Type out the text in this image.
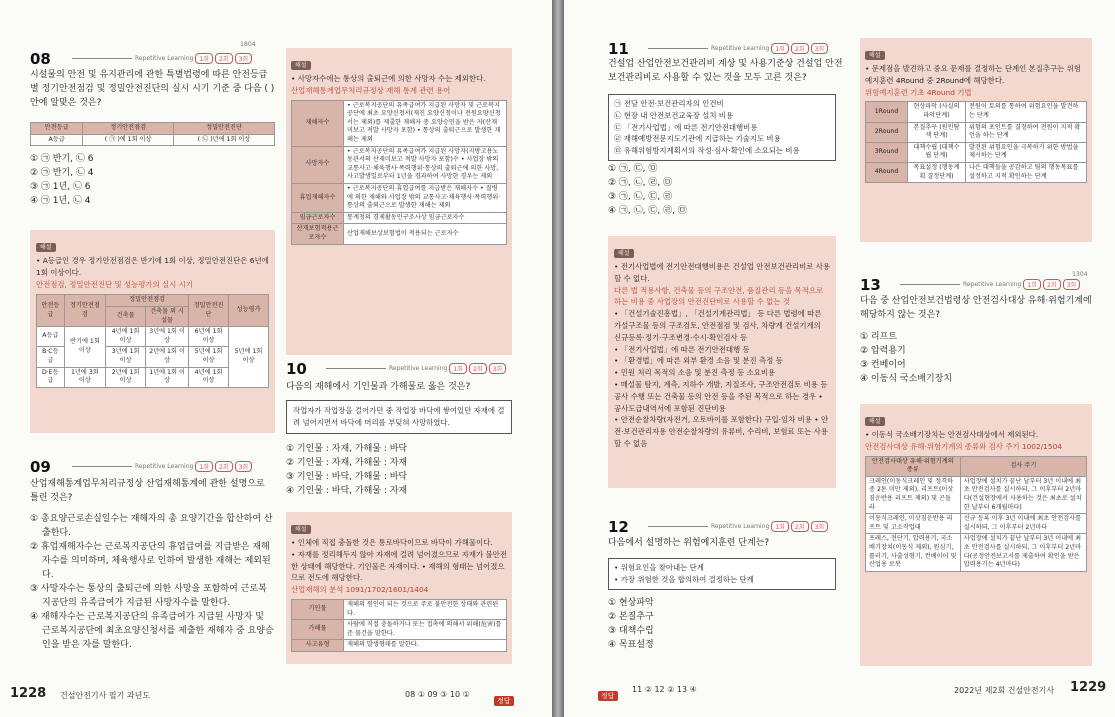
08	Repetitive Learning	1회	2회	3회
1804
시설물의 안전 및 유지관리에 관한 특별법령에 따른 안전등급별 정기안전점검 및 정밀안전진단의 실시 시기 기준 중 다음 ( ) 안에 알맞은 것은?
안전등급	정기안전점검	정밀안전진단
A등급	( ㉠ )에 1회 이상	( ㉡ )년에 1회 이상
① ㉠ 반기, ㉡ 6
② ㉠ 반기, ㉡ 4
③ ㉠ 1년, ㉡ 6
④ ㉠ 1년, ㉡ 4
해설
• A등급인 경우 정기안전점검은 반기에 1회 이상, 정밀안전진단은 6년에 1회 이상이다.
안전점검, 정밀안전진단 및 성능평가의 실시 시기
안전등급	정기안전점검	정밀안전점검		정밀안전진단	성능평가
		건축물	건축물 외 시설물		
A등급	반기에 1회 이상	4년에 1회 이상	3년에 1회 이상	6년에 1회 이상	5년에 1회 이상
B·C등급		3년에 1회 이상	2년에 1회 이상	5년에 1회 이상	
D·E등급	1년에 3회 이상	2년에 1회 이상	1년에 1회 이상	4년에 1회 이상	
09	Repetitive Learning	1회	2회	3회
산업재해통계업무처리규정상 산업재해통계에 관한 설명으로 틀린 것은?
① 총요양근로손실일수는 재해자의 총 요양기간을 합산하여 산출한다.
② 휴업재해자수는 근로복지공단의 휴업급여를 지급받은 재해자수를 의미하며, 체육행사로 인하여 발생한 재해는 제외된다.
③ 사망자수는 통상의 출퇴근에 의한 사망을 포함하여 근로복지공단의 유족급여가 지급된 사망자수를 말한다.
④ 재해자수는 근로복지공단의 유족급여가 지급된 사망자 및 근로복지공단에 최초요양신청서를 제출한 재해자 중 요양승인을 받은 자를 말한다.
해설
• 사망자수에는 통상의 출퇴근에 의한 사망자 수는 제외한다.
산업재해통계업무처리규정상 재해 통계 관련 용어
재해자수	• 근로복지공단의 유족급여가 지급된 사망자 및 근로복지공단에 최초 요양신청서(재진 요양신청이나 전원요양신청서는 제외)를 제출한 재해자 중 요양승인을 받은 자(산재미보고 적발 사망자 포함) • 통상의 출퇴근으로 발생한 재해는 제외
사망자수	• 근로복지공단의 유족급여가 지급된 사망자(지방고용노동관서의 산재미보고 적발 사망자 포함)수 • 사업장 밖의 교통사고·체육행사·폭력행위·통상의 출퇴근에 의한 사망, 사고발생일로부터 1년을 경과하여 사망한 경우는 제외
휴업재해자수	• 근로복지공단의 휴업급여를 지급받은 재해자수 • 질병에 의한 재해와 사업장 밖의 교통사고·체육행사·폭력행위·통상의 출퇴근으로 발생한 재해는 제외
임금근로자수	통계청의 경제활동인구조사상 임금근로자수
산재보험적용근로자수	산업재해보상보험법이 적용되는 근로자수
10	Repetitive Learning	1회	2회	3회
다음의 재해에서 기인물과 가해물로 옳은 것은?
작업자가 작업장을 걸어가던 중 작업장 바닥에 쌓여있던 자재에 걸려 넘어지면서 바닥에 머리를 부딪혀 사망하였다.
① 기인물 : 자재, 가해물 : 바닥
② 기인물 : 자재, 가해물 : 자재
③ 기인물 : 바닥, 가해물 : 바닥
④ 기인물 : 바닥, 가해물 : 자재
해설
• 인체에 직접 충돌한 것은 통로바닥이므로 바닥이 가해물이다.
• 자재를 정리해두지 않아 자재에 걸려 넘어졌으므로 자재가 불안전한 상태에 해당한다. 기인물은 자재이다. • 재해의 형태는 넘어졌으므로 전도에 해당한다.
산업재해의 분석 1091/1702/1601/1404
기인물	재해의 원인이 되는 것으로 주로 불안전한 상태와 관련된다.
가해물	사람에 직접 충돌하거나 또는 접촉에 의해서 위해(危害)를 준 물건을 말한다.
사고유형	재해의 발생형태를 말한다.
1228 건설안전기사 필기 과년도	08 ① 09 ③ 10 ①
정답
11	Repetitive Learning	1회	2회	3회
건설업 산업안전보건관리비 계상 및 사용기준상 건설업 안전보건관리비로 사용할 수 있는 것을 모두 고른 것은?
㉠ 전담 안전·보건관리자의 인건비
㉡ 현장 내 안전보건교육장 설치 비용
㉢ 「전기사업법」에 따른 전기안전대행비용
㉣ 재해예방전문지도기관에 지급하는 기술지도 비용
㉤ 유해위험방지계획서의 작성·심사·확인에 소요되는 비용
① ㉠, ㉢, ㉤
② ㉠, ㉡, ㉣, ㉤
③ ㉠, ㉡, ㉢, ㉣
④ ㉠, ㉡, ㉢, ㉣, ㉤
해설
• 전기사업법에 전기안전대행비용은 건설업 안전보건관리비로 사용할 수 없다.
다른 법 적용사항, 건축물 등의 구조안전, 품질관리 등을 목적으로 하는 비용 중 사업장의 안전진단비로 사용할 수 없는 것
• 「건설기술진흥법」, 「건설기계관리법」 등 다른 법령에 따른 가설구조물 등의 구조검토, 안전점검 및 검사, 차량계 건설기계의 신규등록·정기·구조변경·수시·확인검사 등
• 「전기사업법」에 따른 전기안전대행 등
• 「환경법」에 따른 외부 환경 소음 및 분진 측정 등
• 민원 처리 목적의 소음 및 분진 측정 등 소요비용
• 매설물 탐지, 계측, 지하수 개발, 지질조사, 구조안전검토 비용 등 공사 수행 또는 건축물 등의 안전 등을 주된 목적으로 하는 경우 • 공사도급내역서에 포함된 진단비용
• 안전순찰차량(자전거, 오토바이를 포함한다) 구입·임차 비용 • 안전·보건관리자용 안전순찰차량의 유류비, 수리비, 보험료 또는 사용할 수 없음
12	Repetitive Learning	1회	2회	3회
다음에서 설명하는 위험예지훈련 단계는?
• 위험요인을 찾아내는 단계
• 가장 위험한 것을 합의하여 결정하는 단계
① 현상파악
② 본질추구
③ 대책수립
④ 목표설정
해설
• 문제점을 발견하고 중요 문제를 결정하는 단계인 본질추구는 위험예지훈련 4Round 중 2Round에 해당한다.
위험예지훈련 기초 4Round 기법
1Round	현상파악 (사실의 파악단계)	전원이 토의를 통하여 위험요인을 발견하는 단계
2Round	본질추구 (원인탐색 단계)	위험의 포인트를 결정하여 전원이 지적 확인을 하는 단계
3Round	대책수립 (대책수립 단계)	발견된 위험요인을 극복하기 위한 방법을 제시하는 단계
4Round	목표설정 (행동계획 결정단계)	나은 대책들을 공감하고 팀의 행동목표를 설정하고 지적 확인하는 단계
13	Repetitive Learning	1회	2회	3회
1304
다음 중 산업안전보건법령상 안전검사대상 유해·위험기계에 해당하지 않는 것은?
① 리프트
② 압력용기
③ 컨베이어
④ 이동식 국소배기장치
해설
• 이동식 국소배기장치는 안전검사대상에서 제외된다.
안전검사대상 유해·위험기계의 종류와 검사 주기 1002/1504
안전검사대상 유해·위험기계의 종류	검사 주기
크레인(이동식크레인 및 정격하중 2톤 미만 제외), 리프트(이삿짐운반용 리프트 제외) 및 곤돌라	사업장에 설치가 끝난 날부터 3년 이내에 최초 안전검사를 실시하되, 그 이후부터 2년마다(건설현장에서 사용하는 것은 최초로 설치한 날부터 6개월마다)
이동식크레인, 이삿짐운반용 리프트 및 고소작업대	신규 등록 이후 3년 이내에 최초 안전검사를 실시하되, 그 이후부터 2년마다
프레스, 전단기, 압력용기, 국소배기장치(이동식 제외), 원심기, 롤러기, 사출성형기, 컨베이어 및 산업용 로봇	사업장에 설치가 끝난 날부터 3년 이내에 최초 안전검사를 실시하되, 그 이후부터 2년마다(공정안전보고서를 제출하여 확인을 받은 압력용기는 4년마다)
정답
11 ② 12 ② 13 ④	2022년 제2회 건설안전기사 1229
